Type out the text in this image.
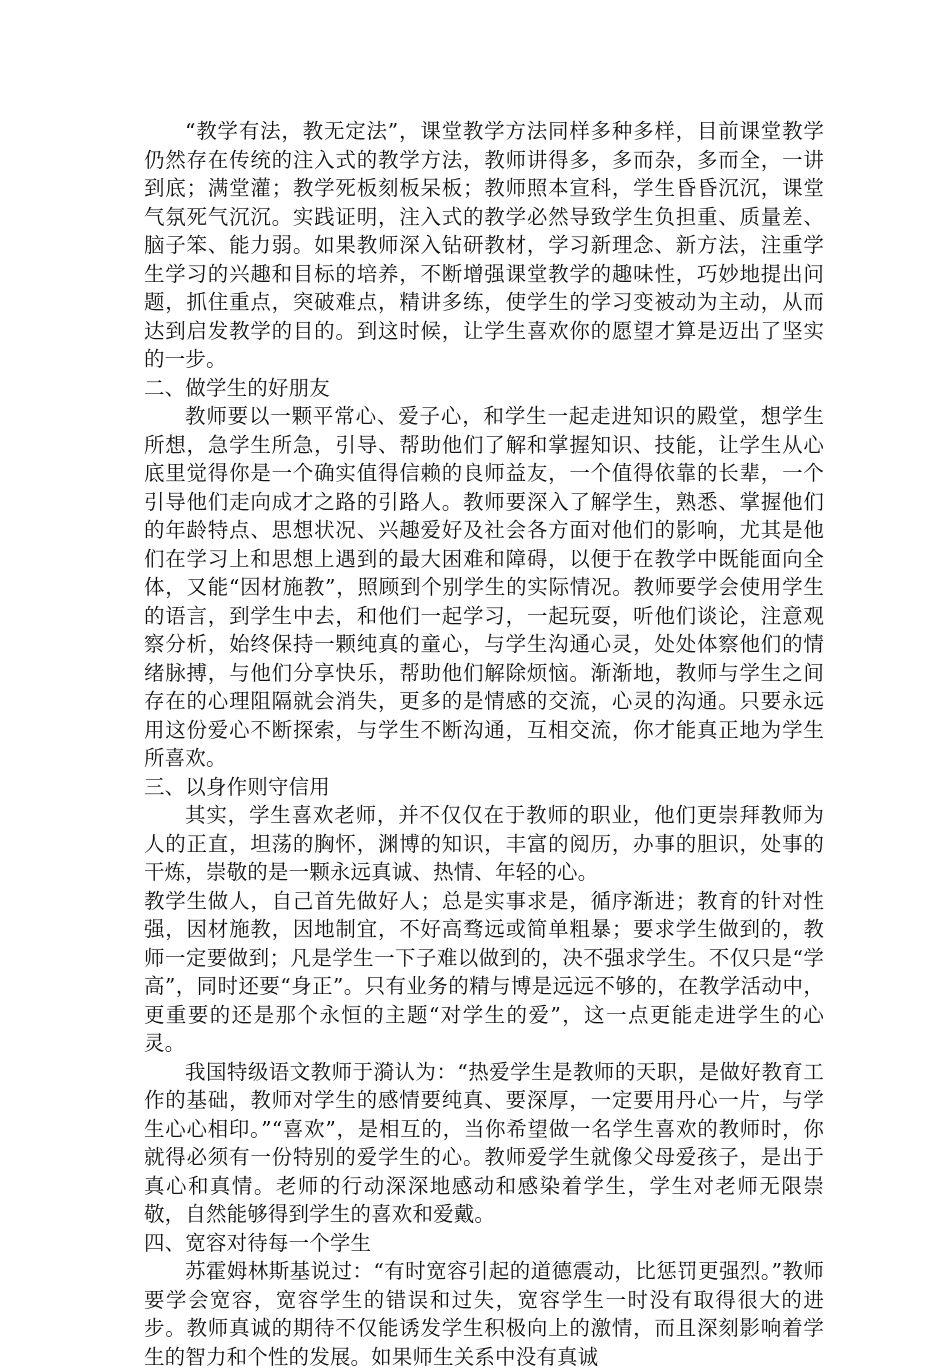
“教学有法，教无定法”，课堂教学方法同样多种多样，目前课堂教学仍然存在传统的注入式的教学方法，教师讲得多，多而杂，多而全，一讲到底；满堂灌；教学死板刻板呆板；教师照本宣科，学生昏昏沉沉，课堂气氛死气沉沉。实践证明，注入式的教学必然导致学生负担重、质量差、脑子笨、能力弱。如果教师深入钻研教材，学习新理念、新方法，注重学生学习的兴趣和目标的培养，不断增强课堂教学的趣味性，巧妙地提出问题，抓住重点，突破难点，精讲多练，使学生的学习变被动为主动，从而达到启发教学的目的。到这时候，让学生喜欢你的愿望才算是迈出了坚实的一步。

二、做学生的好朋友

教师要以一颗平常心、爱子心，和学生一起走进知识的殿堂，想学生所想，急学生所急，引导、帮助他们了解和掌握知识、技能，让学生从心底里觉得你是一个确实值得信赖的良师益友，一个值得依靠的长辈，一个引导他们走向成才之路的引路人。教师要深入了解学生，熟悉、掌握他们的年龄特点、思想状况、兴趣爱好及社会各方面对他们的影响，尤其是他们在学习上和思想上遇到的最大困难和障碍，以便于在教学中既能面向全体，又能“因材施教”，照顾到个别学生的实际情况。教师要学会使用学生的语言，到学生中去，和他们一起学习，一起玩耍，听他们谈论，注意观察分析，始终保持一颗纯真的童心，与学生沟通心灵，处处体察他们的情绪脉搏，与他们分享快乐，帮助他们解除烦恼。渐渐地，教师与学生之间存在的心理阻隔就会消失，更多的是情感的交流，心灵的沟通。只要永远用这份爱心不断探索，与学生不断沟通，互相交流，你才能真正地为学生所喜欢。

三、以身作则守信用

其实，学生喜欢老师，并不仅仅在于教师的职业，他们更崇拜教师为人的正直，坦荡的胸怀，渊博的知识，丰富的阅历，办事的胆识，处事的干炼，崇敬的是一颗永远真诚、热情、年轻的心。

教学生做人，自己首先做好人；总是实事求是，循序渐进；教育的针对性强，因材施教，因地制宜，不好高骛远或简单粗暴；要求学生做到的，教师一定要做到；凡是学生一下子难以做到的，决不强求学生。不仅只是“学高”，同时还要“身正”。只有业务的精与博是远远不够的，在教学活动中，更重要的还是那个永恒的主题“对学生的爱”，这一点更能走进学生的心灵。

我国特级语文教师于漪认为：“热爱学生是教师的天职，是做好教育工作的基础，教师对学生的感情要纯真、要深厚，一定要用丹心一片，与学生心心相印。”“喜欢”，是相互的，当你希望做一名学生喜欢的教师时，你就得必须有一份特别的爱学生的心。教师爱学生就像父母爱孩子，是出于真心和真情。老师的行动深深地感动和感染着学生，学生对老师无限崇敬，自然能够得到学生的喜欢和爱戴。

四、宽容对待每一个学生

苏霍姆林斯基说过：“有时宽容引起的道德震动，比惩罚更强烈。”教师要学会宽容，宽容学生的错误和过失，宽容学生一时没有取得很大的进步。教师真诚的期待不仅能诱发学生积极向上的激情，而且深刻影响着学生的智力和个性的发展。如果师生关系中没有真诚
